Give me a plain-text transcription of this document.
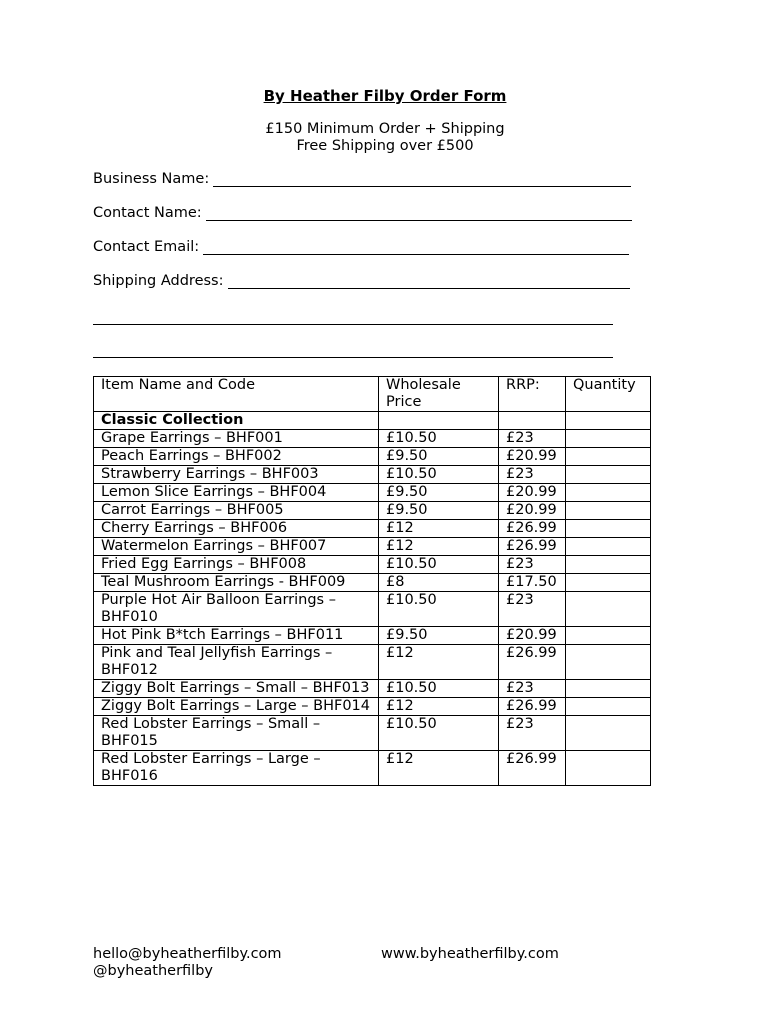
By Heather Filby Order Form
£150 Minimum Order + Shipping
Free Shipping over £500
Business Name:
Contact Name:
Contact Email:
Shipping Address:
Item Name and Code	Wholesale Price	RRP:	Quantity
Classic Collection			
Grape Earrings – BHF001	£10.50	£23	
Peach Earrings – BHF002	£9.50	£20.99	
Strawberry Earrings – BHF003	£10.50	£23	
Lemon Slice Earrings – BHF004	£9.50	£20.99	
Carrot Earrings – BHF005	£9.50	£20.99	
Cherry Earrings – BHF006	£12	£26.99	
Watermelon Earrings – BHF007	£12	£26.99	
Fried Egg Earrings – BHF008	£10.50	£23	
Teal Mushroom Earrings - BHF009	£8	£17.50	
Purple Hot Air Balloon Earrings – BHF010	£10.50	£23	
Hot Pink B*tch Earrings – BHF011	£9.50	£20.99	
Pink and Teal Jellyfish Earrings – BHF012	£12	£26.99	
Ziggy Bolt Earrings – Small – BHF013	£10.50	£23	
Ziggy Bolt Earrings – Large – BHF014	£12	£26.99	
Red Lobster Earrings – Small – BHF015	£10.50	£23	
Red Lobster Earrings – Large – BHF016	£12	£26.99	
hello@byheatherfilby.com	www.byheatherfilby.com
@byheatherfilby
